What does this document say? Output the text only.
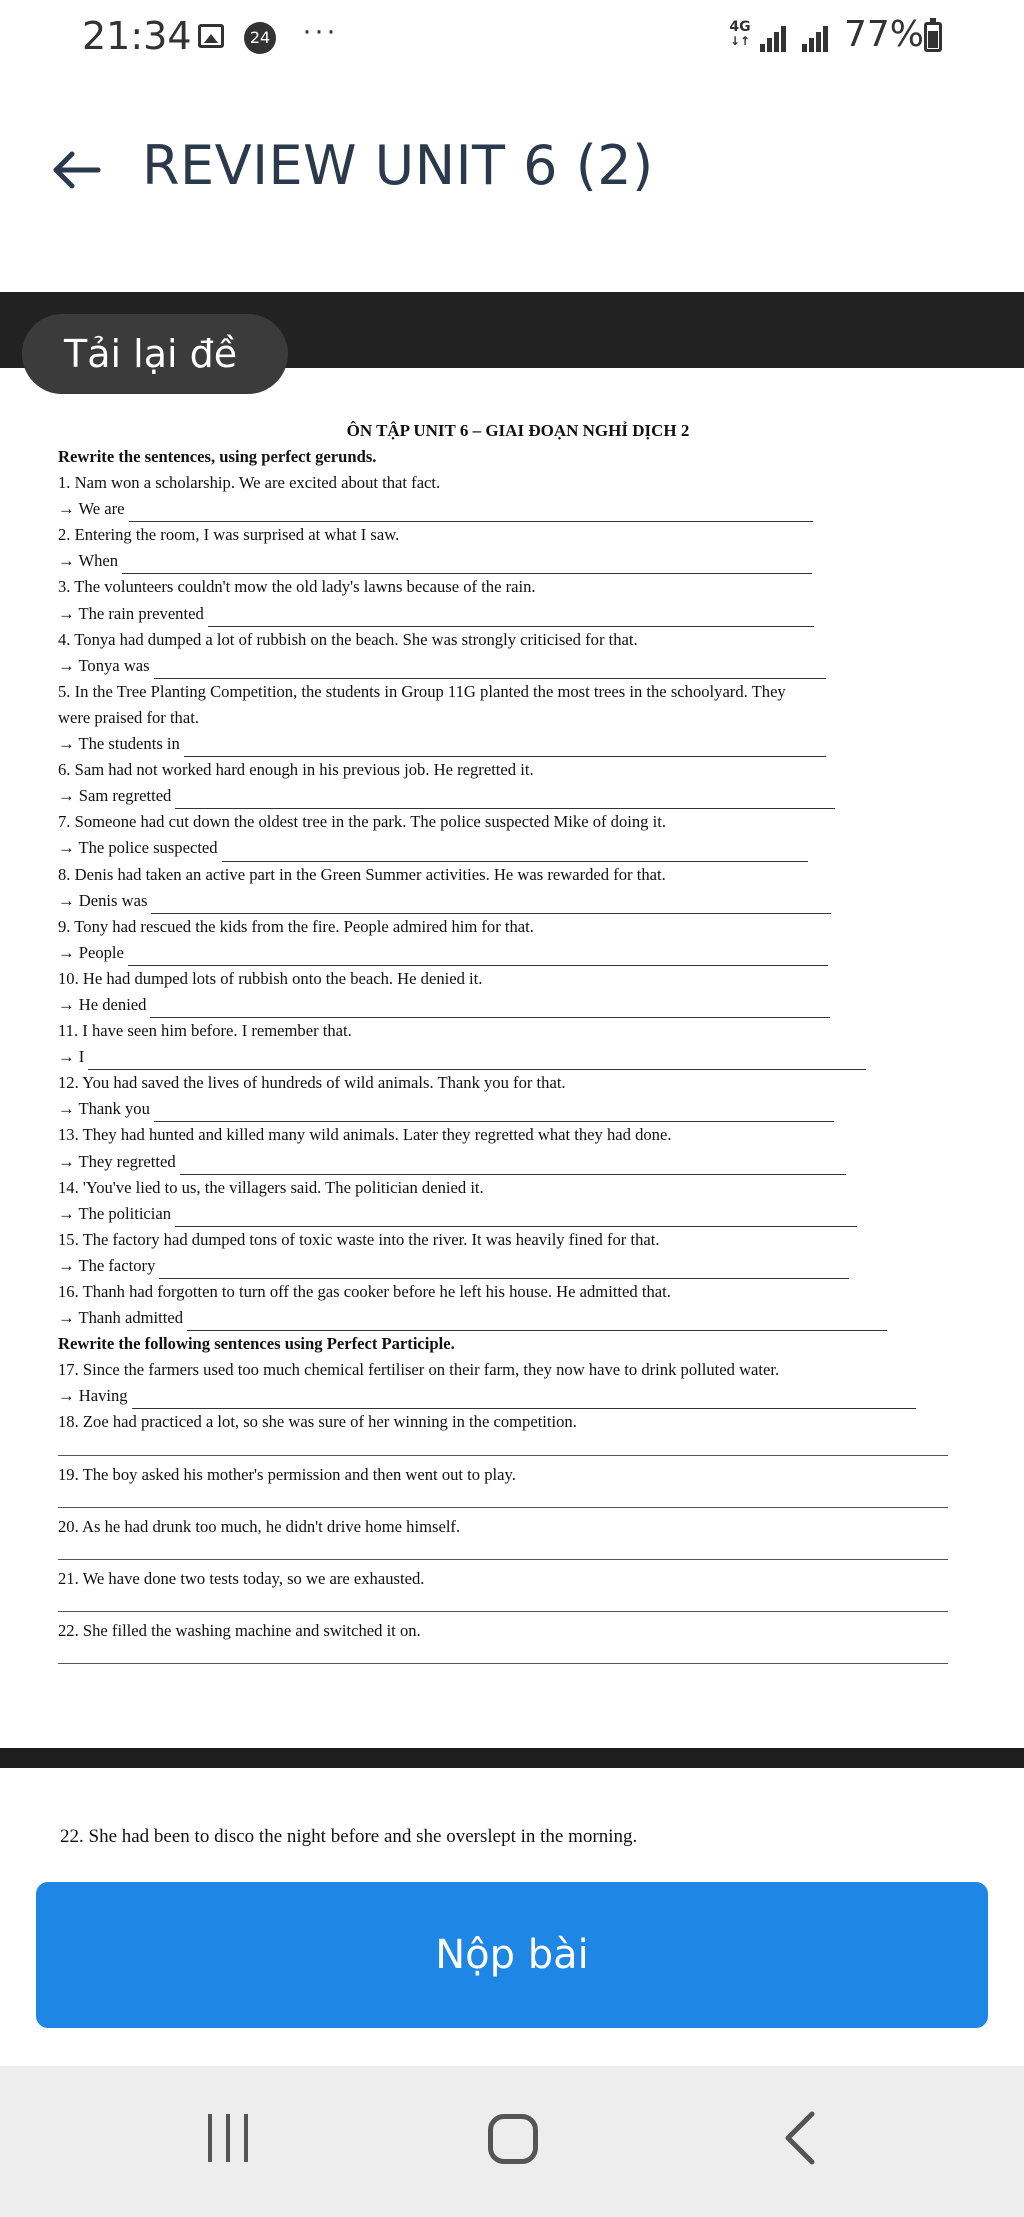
21:34	24 ···	4G
↓↑	77%
REVIEW UNIT 6 (2)
Tải lại đề
ÔN TẬP UNIT 6 – GIAI ĐOẠN NGHỈ DỊCH 2
Rewrite the sentences, using perfect gerunds.
1. Nam won a scholarship. We are excited about that fact.
→ We are
2. Entering the room, I was surprised at what I saw.
→ When
3. The volunteers couldn't mow the old lady's lawns because of the rain.
→ The rain prevented
4. Tonya had dumped a lot of rubbish on the beach. She was strongly criticised for that.
→ Tonya was
5. In the Tree Planting Competition, the students in Group 11G planted the most trees in the schoolyard. They
were praised for that.
→ The students in
6. Sam had not worked hard enough in his previous job. He regretted it.
→ Sam regretted
7. Someone had cut down the oldest tree in the park. The police suspected Mike of doing it.
→ The police suspected
8. Denis had taken an active part in the Green Summer activities. He was rewarded for that.
→ Denis was
9. Tony had rescued the kids from the fire. People admired him for that.
→ People
10. He had dumped lots of rubbish onto the beach. He denied it.
→ He denied
11. I have seen him before. I remember that.
→ I
12. You had saved the lives of hundreds of wild animals. Thank you for that.
→ Thank you
13. They had hunted and killed many wild animals. Later they regretted what they had done.
→ They regretted
14. 'You've lied to us, the villagers said. The politician denied it.
→ The politician
15. The factory had dumped tons of toxic waste into the river. It was heavily fined for that.
→ The factory
16. Thanh had forgotten to turn off the gas cooker before he left his house. He admitted that.
→ Thanh admitted
Rewrite the following sentences using Perfect Participle.
17. Since the farmers used too much chemical fertiliser on their farm, they now have to drink polluted water.
→ Having
18. Zoe had practiced a lot, so she was sure of her winning in the competition.
19. The boy asked his mother's permission and then went out to play.
20. As he had drunk too much, he didn't drive home himself.
21. We have done two tests today, so we are exhausted.
22. She filled the washing machine and switched it on.
22. She had been to disco the night before and she overslept in the morning.
Nộp bài
